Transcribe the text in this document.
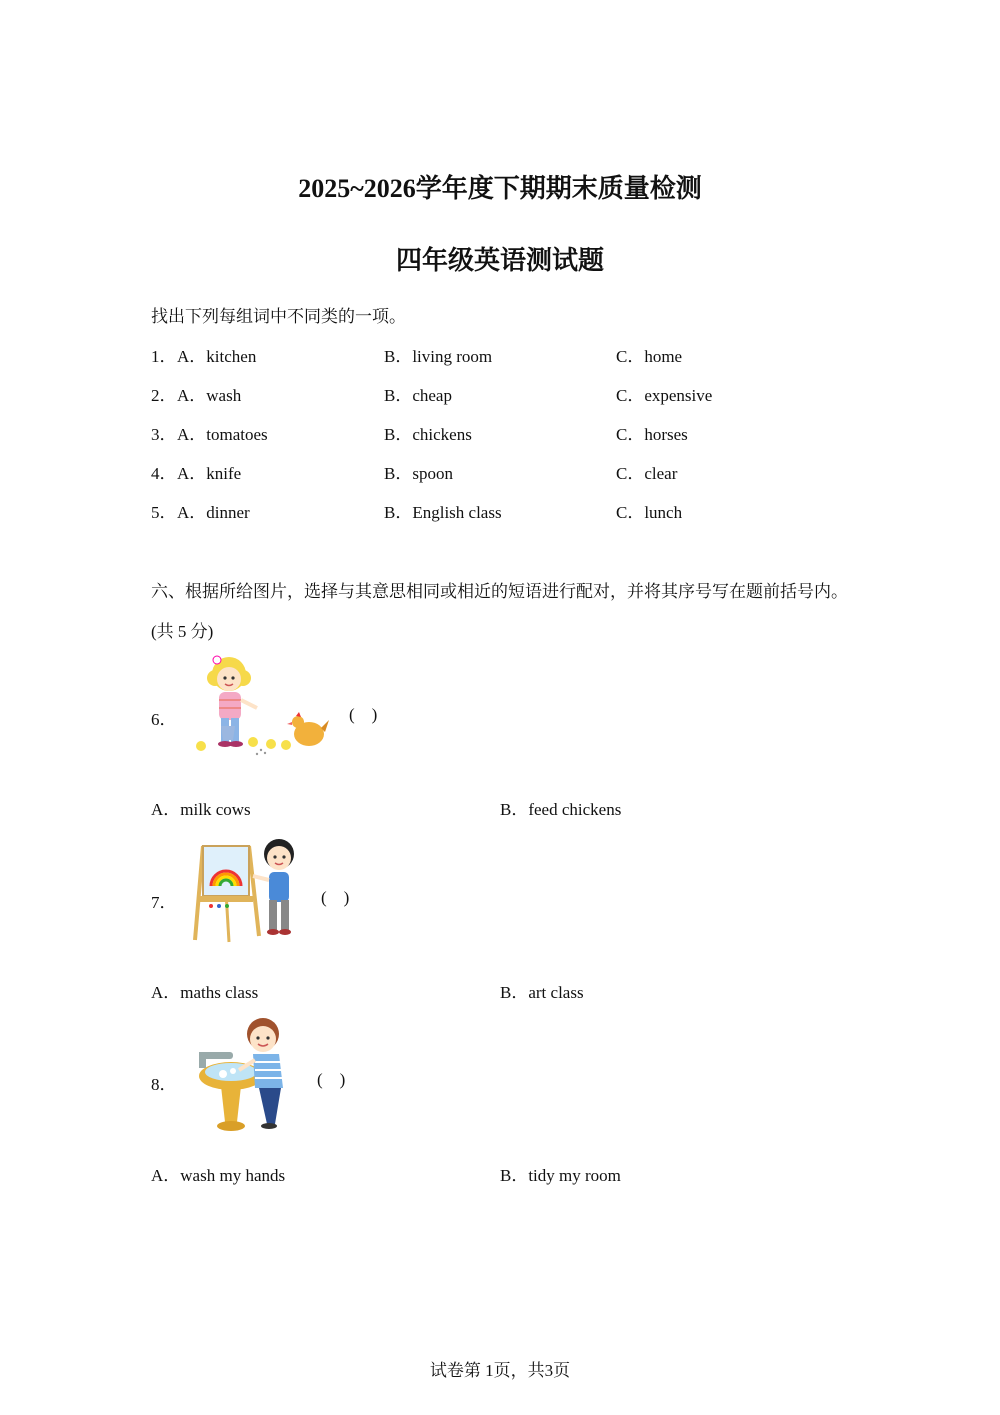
2025~2026学年度下期期末质量检测
四年级英语测试题
找出下列每组词中不同类的一项。
1． A．kitchen	B．living room	C．home
2． A．wash	B．cheap	C．expensive
3． A．tomatoes	B．chickens	C．horses
4． A．knife	B．spoon	C．clear
5． A．dinner	B．English class	C．lunch
六、根据所给图片，选择与其意思相同或相近的短语进行配对，并将其序号写在题前括号内。(共 5 分)
6．	(    )
A．milk cows	B．feed chickens
7．	(    )
A．maths class	B．art class
8．	(    )
A．wash my hands	B．tidy my room
试卷第 1页，共3页
